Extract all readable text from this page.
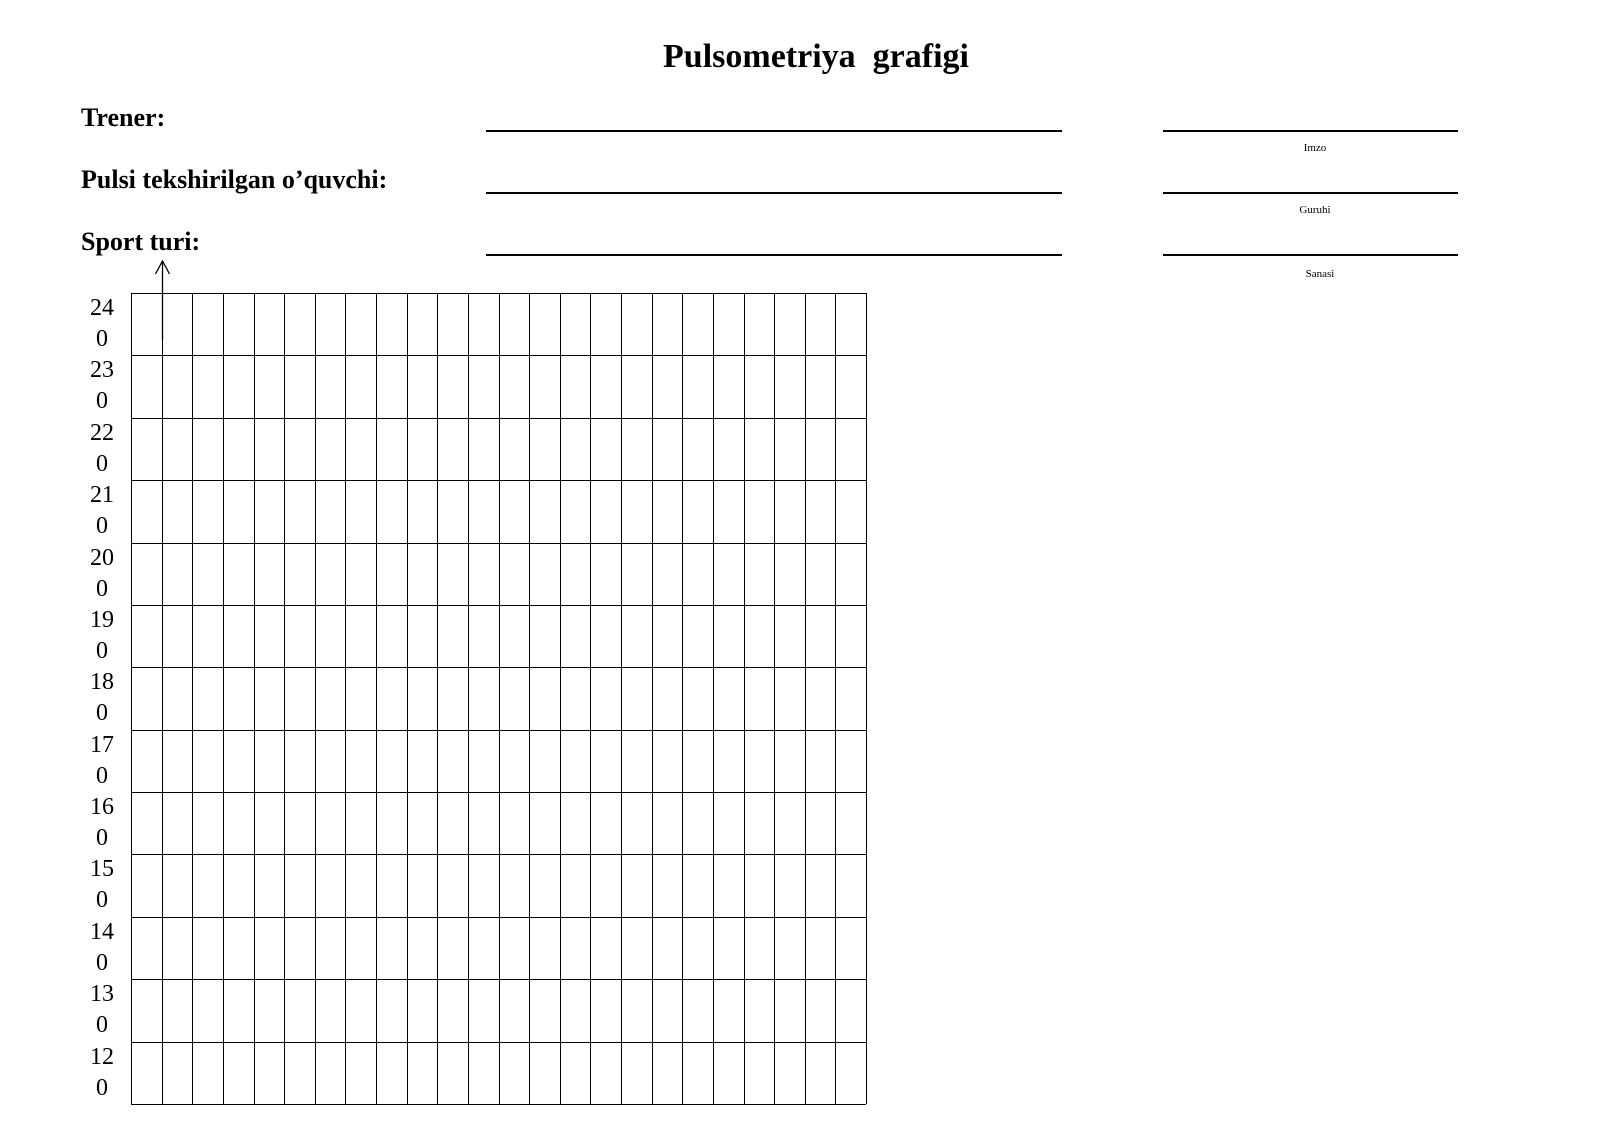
Pulsometriya  grafigi
Trener:
Imzo
Pulsi tekshirilgan o’quvchi:
Guruhi
Sport turi:
Sanasi
24
0
23
0
22
0
21
0
20
0
19
0
18
0
17
0
16
0
15
0
14
0
13
0
12
0
